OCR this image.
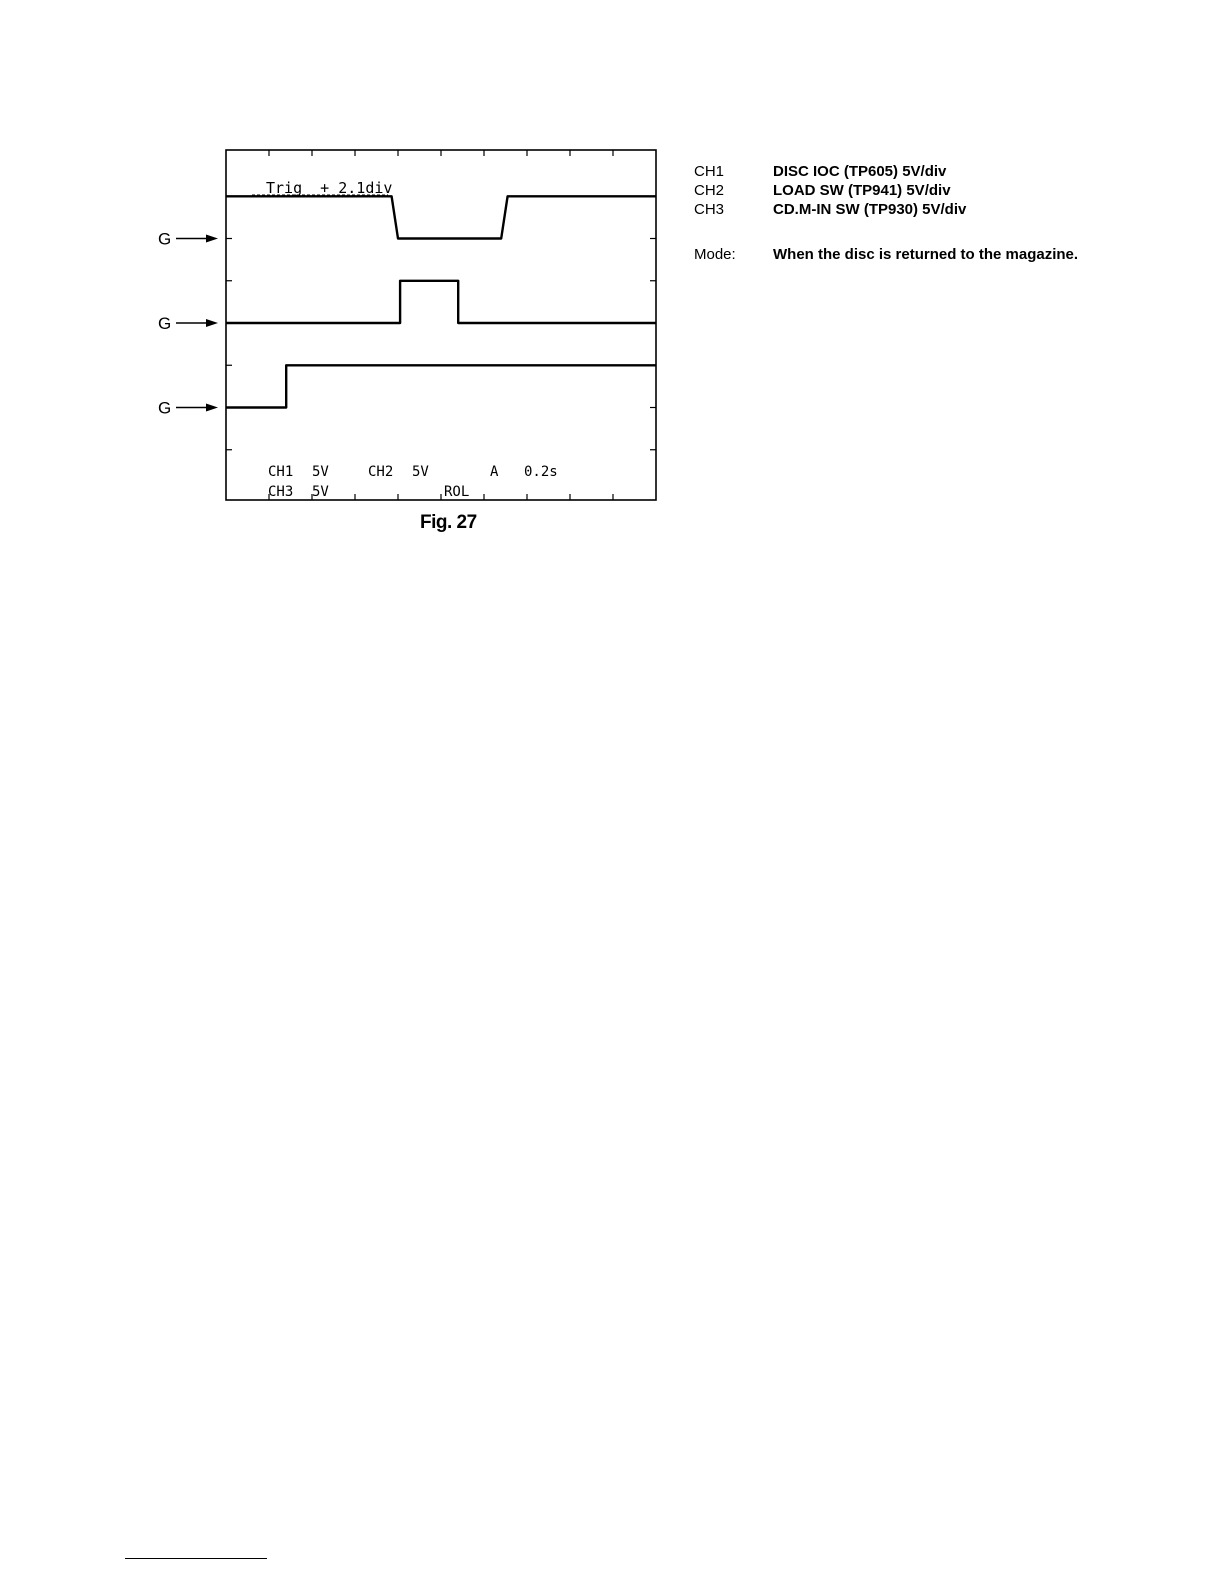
G
G
G
Trig  + 2.1div
CH1 5V	CH2 5V	A 0.2s
CH3 5V	ROL
Fig. 27
CH1	DISC IOC (TP605) 5V/div
CH2	LOAD SW (TP941) 5V/div
CH3	CD.M-IN SW (TP930) 5V/div
Mode: When the disc is returned to the magazine.
